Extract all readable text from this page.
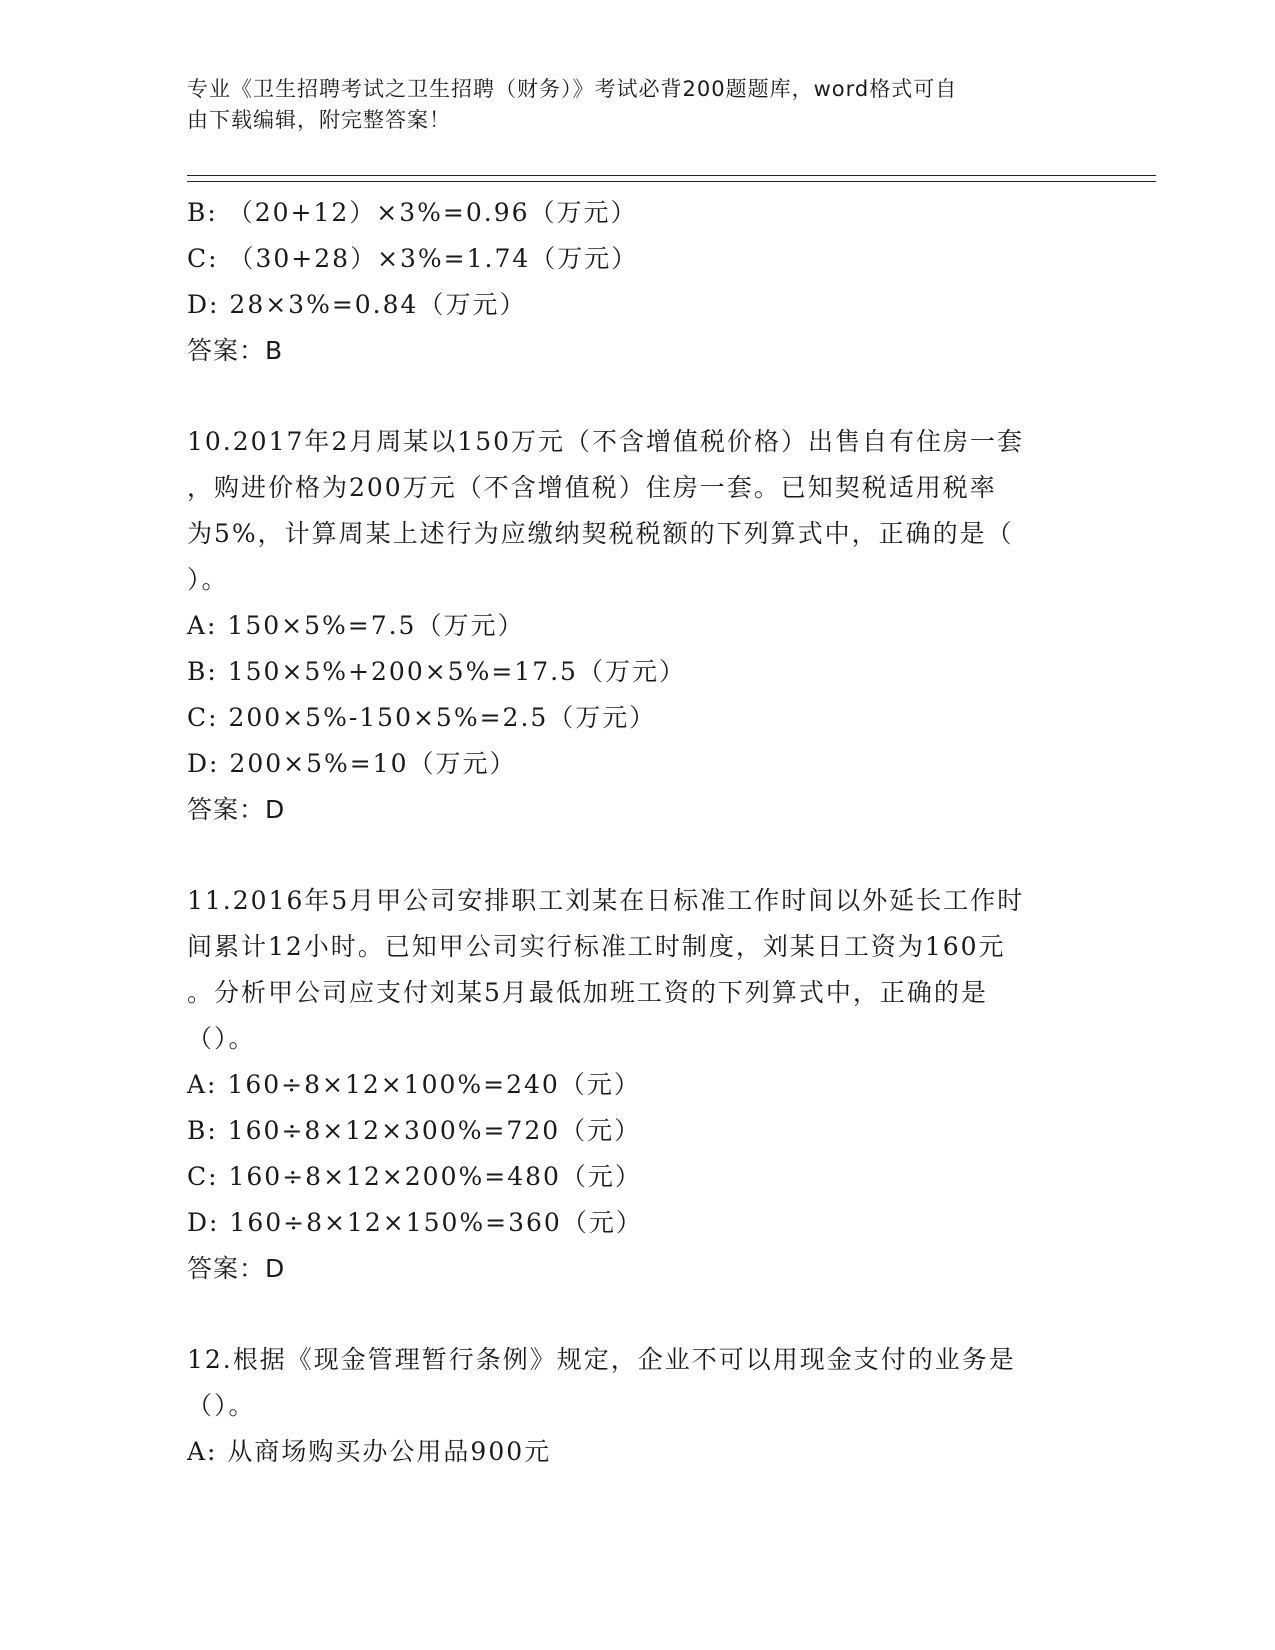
专业《卫生招聘考试之卫生招聘（财务）》考试必背200题题库，word格式可自
由下载编辑，附完整答案！
B: （20+12）×3%=0.96（万元）
C: （30+28）×3%=1.74（万元）
D: 28×3%=0.84（万元）
答案：B
10.2017年2月周某以150万元（不含增值税价格）出售自有住房一套
，购进价格为200万元（不含增值税）住房一套。已知契税适用税率
为5%，计算周某上述行为应缴纳契税税额的下列算式中，正确的是（
）。
A: 150×5%=7.5（万元）
B: 150×5%+200×5%=17.5（万元）
C: 200×5%-150×5%=2.5（万元）
D: 200×5%=10（万元）
答案：D
11.2016年5月甲公司安排职工刘某在日标准工作时间以外延长工作时
间累计12小时。已知甲公司实行标准工时制度，刘某日工资为160元
。分析甲公司应支付刘某5月最低加班工资的下列算式中，正确的是
（）。
A: 160÷8×12×100%=240（元）
B: 160÷8×12×300%=720（元）
C: 160÷8×12×200%=480（元）
D: 160÷8×12×150%=360（元）
答案：D
12.根据《现金管理暂行条例》规定，企业不可以用现金支付的业务是
（）。
A: 从商场购买办公用品900元
